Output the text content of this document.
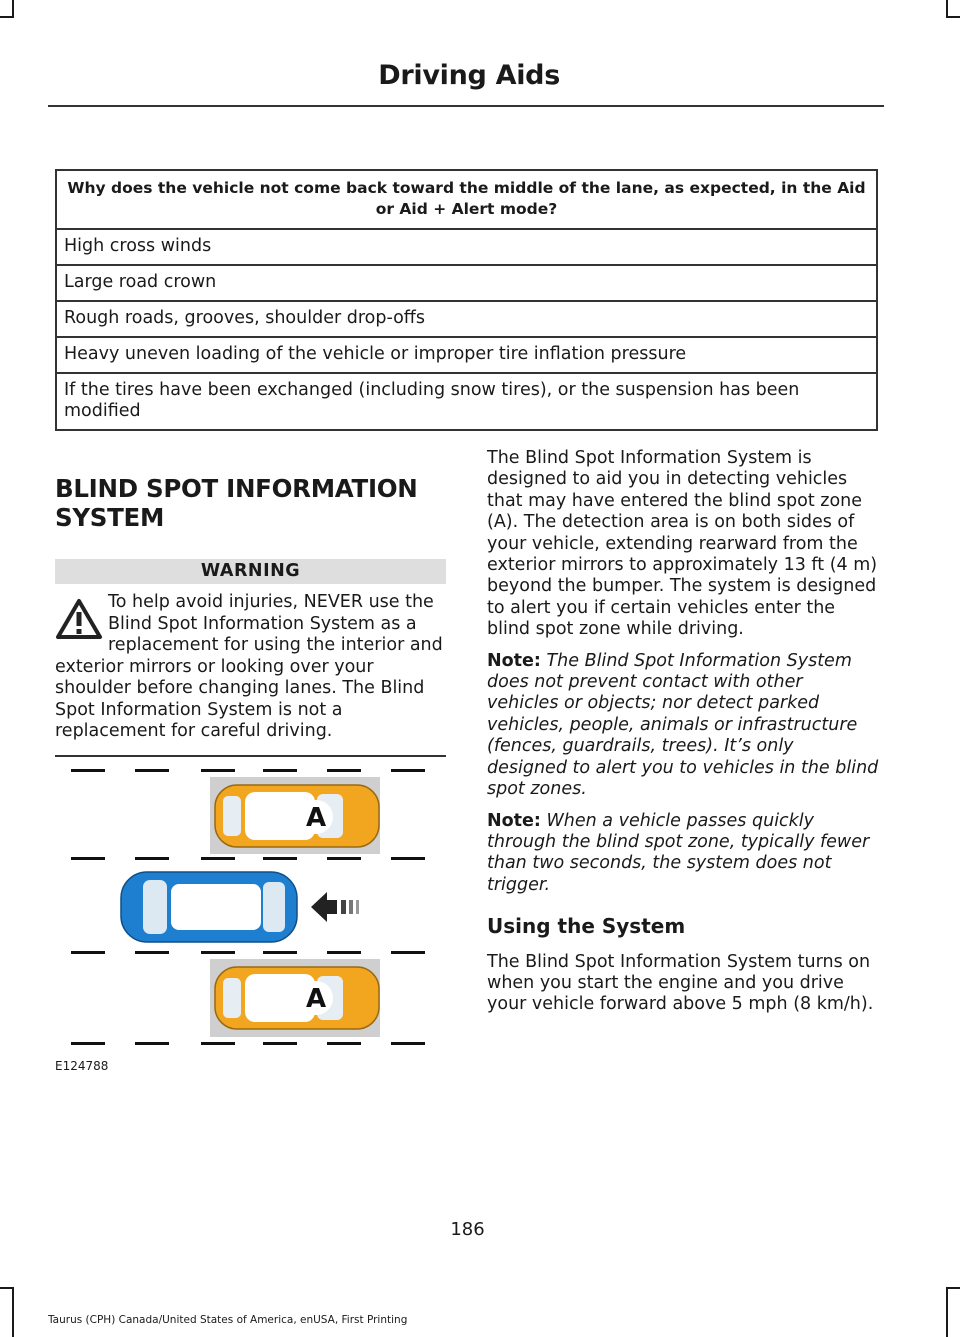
Driving Aids
Why does the vehicle not come back toward the middle of the lane, as expected, in the Aid or Aid + Alert mode?
High cross winds
Large road crown
Rough roads, grooves, shoulder drop-offs
Heavy uneven loading of the vehicle or improper tire inflation pressure
If the tires have been exchanged (including snow tires), or the suspension has been modified
BLIND SPOT INFORMATION
SYSTEM
WARNING
To help avoid injuries, NEVER use the Blind Spot Information System as a replacement for using the interior and exterior mirrors or looking over your shoulder before changing lanes. The Blind Spot Information System is not a replacement for careful driving.
A
A
E124788

The Blind Spot Information System is designed to aid you in detecting vehicles that may have entered the blind spot zone (A). The detection area is on both sides of your vehicle, extending rearward from the exterior mirrors to approximately 13 ft (4 m) beyond the bumper. The system is designed to alert you if certain vehicles enter the blind spot zone while driving.

Note: The Blind Spot Information System does not prevent contact with other vehicles or objects; nor detect parked vehicles, people, animals or infrastructure (fences, guardrails, trees). It’s only designed to alert you to vehicles in the blind spot zones.

Note: When a vehicle passes quickly through the blind spot zone, typically fewer than two seconds, the system does not trigger.

Using the System

The Blind Spot Information System turns on when you start the engine and you drive your vehicle forward above 5 mph (8 km/h).

186
Taurus (CPH) Canada/United States of America, enUSA, First Printing
